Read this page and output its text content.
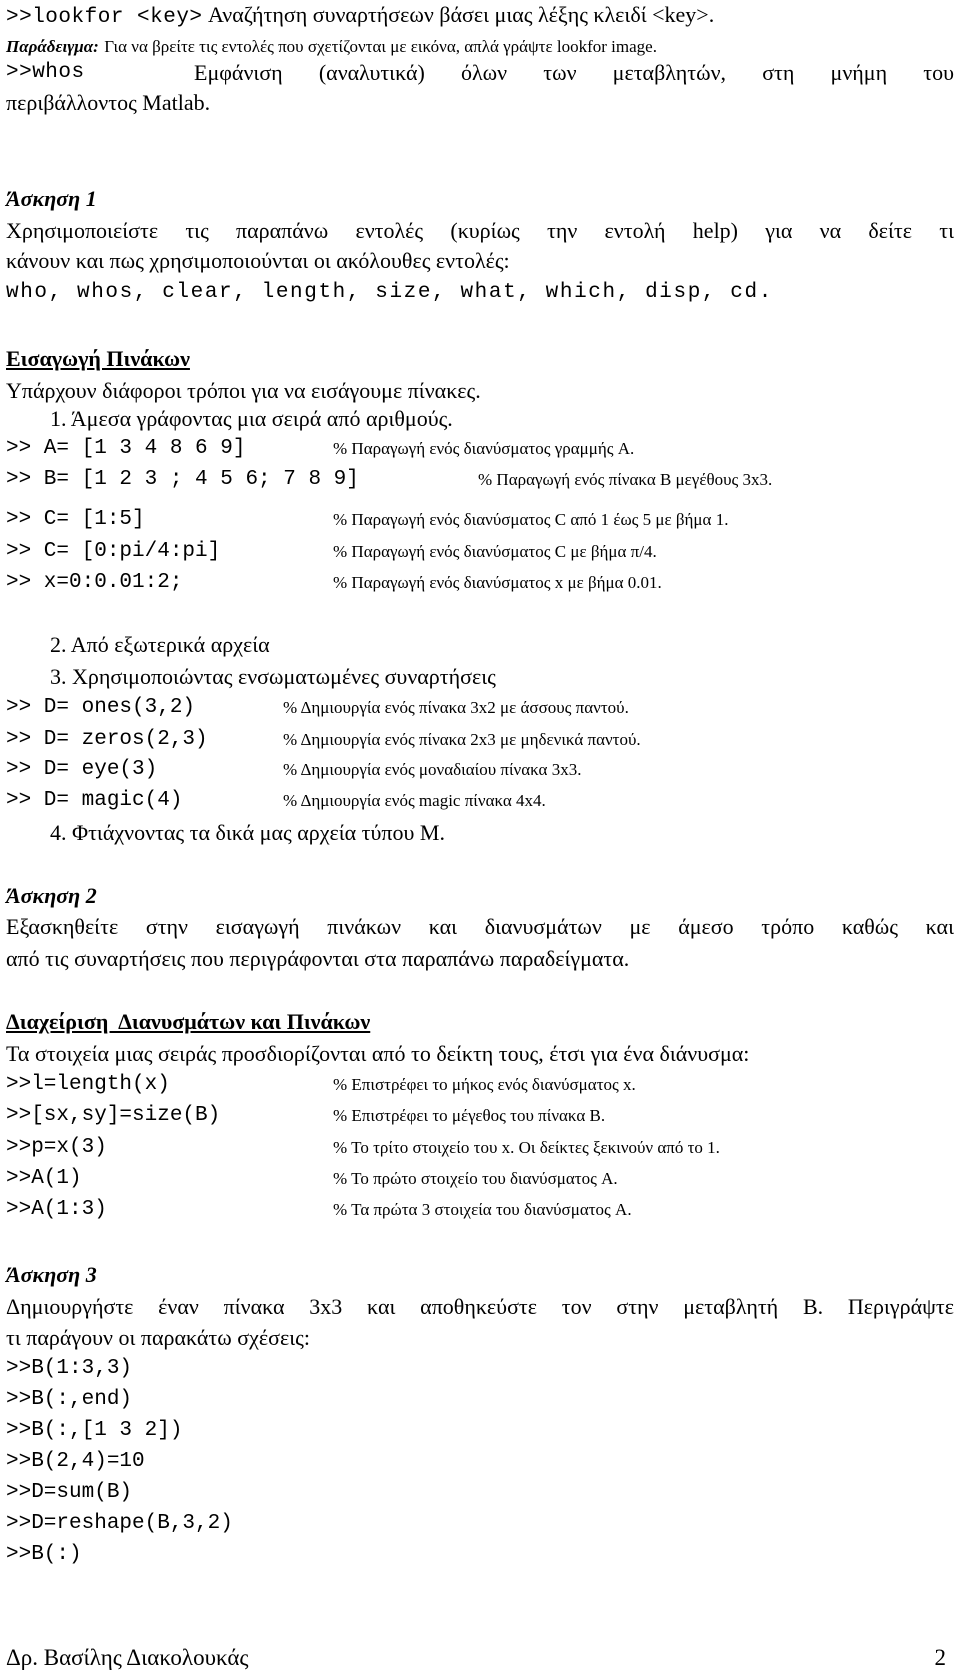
>>lookfor <key> Αναζήτηση συναρτήσεων βάσει μιας λέξης κλειδί <key>.
Παράδειγμα: Για να βρείτε τις εντολές που σχετίζονται με εικόνα, απλά γράψτε lookfor image.
>>whos	Εμφάνιση (αναλυτικά) όλων των μεταβλητών, στη μνήμη του
περιβάλλοντος Matlab.
Άσκηση 1
Χρησιμοποιείστε τις παραπάνω εντολές (κυρίως την εντολή help) για να δείτε τι
κάνουν και πως χρησιμοποιούνται οι ακόλουθες εντολές:
who, whos, clear, length, size, what, which, disp, cd.
Εισαγωγή Πινάκων
Υπάρχουν διάφοροι τρόποι για να εισάγουμε πίνακες.
1. Άμεσα γράφοντας μια σειρά από αριθμούς.
>> A= [1 3 4 8 6 9]	% Παραγωγή ενός διανύσματος γραμμής A.
>> B= [1 2 3 ; 4 5 6; 7 8 9]	% Παραγωγή ενός πίνακα B μεγέθους 3x3.
>> C= [1:5]	% Παραγωγή ενός διανύσματος C από 1 έως 5 με βήμα 1.
>> C= [0:pi/4:pi]	% Παραγωγή ενός διανύσματος C με βήμα π/4.
>> x=0:0.01:2;	% Παραγωγή ενός διανύσματος x με βήμα 0.01.
2. Από εξωτερικά αρχεία
3. Χρησιμοποιώντας ενσωματωμένες συναρτήσεις
>> D= ones(3,2)	% Δημιουργία ενός πίνακα 3x2 με άσσους παντού.
>> D= zeros(2,3)	% Δημιουργία ενός πίνακα 2x3 με μηδενικά παντού.
>> D= eye(3)	% Δημιουργία ενός μοναδιαίου πίνακα 3x3.
>> D= magic(4)	% Δημιουργία ενός magic πίνακα 4x4.
4. Φτιάχνοντας τα δικά μας αρχεία τύπου M.
Άσκηση 2
Εξασκηθείτε στην εισαγωγή πινάκων και διανυσμάτων με άμεσο τρόπο καθώς και
από τις συναρτήσεις που περιγράφονται στα παραπάνω παραδείγματα.
Διαχείριση  Διανυσμάτων και Πινάκων
Τα στοιχεία μιας σειράς προσδιορίζονται από το δείκτη τους, έτσι για ένα διάνυσμα:
>>l=length(x)	% Επιστρέφει το μήκος ενός διανύσματος x.
>>[sx,sy]=size(B)	% Επιστρέφει το μέγεθος του πίνακα B.
>>p=x(3)	% Το τρίτο στοιχείο του x. Οι δείκτες ξεκινούν από το 1.
>>A(1)	% Το πρώτο στοιχείο του διανύσματος A.
>>A(1:3)	% Τα πρώτα 3 στοιχεία του διανύσματος A.
Άσκηση 3
Δημιουργήστε έναν πίνακα 3x3 και αποθηκεύστε τον στην μεταβλητή B. Περιγράψτε
τι παράγουν οι παρακάτω σχέσεις:
>>B(1:3,3)
>>B(:,end)
>>B(:,[1 3 2])
>>B(2,4)=10
>>D=sum(B)
>>D=reshape(B,3,2)
>>B(:)
Δρ. Βασίλης Διακολουκάς	2
